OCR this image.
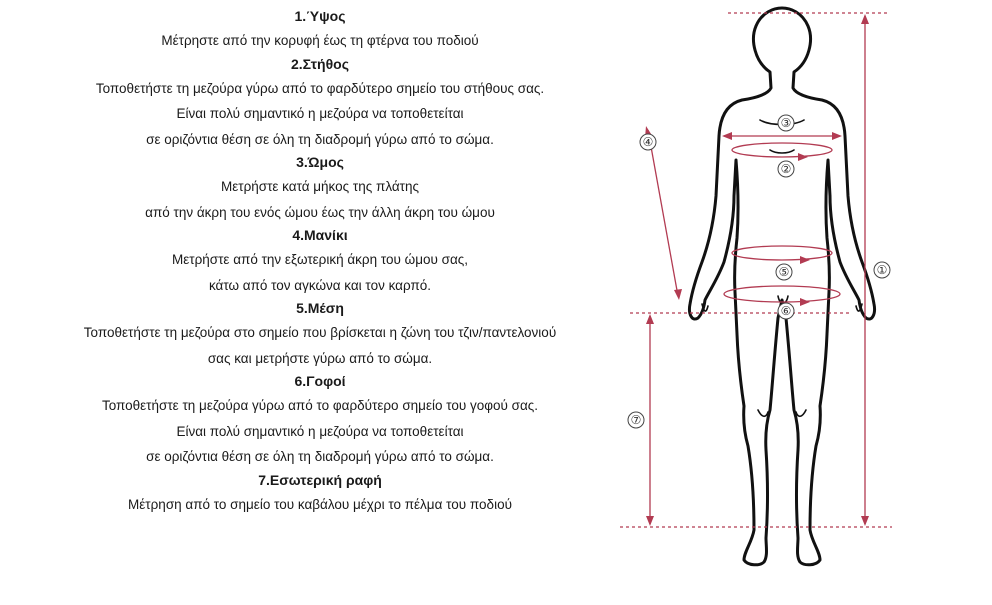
1.Ύψος
Μέτρηστε από την κορυφή έως τη φτέρνα του ποδιού
2.Στήθος
Τοποθετήστε τη μεζούρα γύρω από το φαρδύτερο σημείο του στήθους σας.
Είναι πολύ σημαντικό η μεζούρα να τοποθετείται
σε οριζόντια θέση σε όλη τη διαδρομή γύρω από το σώμα.
3.Ώμος
Μετρήστε κατά μήκος της πλάτης
από την άκρη του ενός ώμου έως την άλλη άκρη του ώμου
4.Μανίκι
Μετρήστε από την εξωτερική άκρη του ώμου σας,
κάτω από τον αγκώνα και τον καρπό.
5.Μέση
Τοποθετήστε τη μεζούρα στο σημείο που βρίσκεται η ζώνη του τζιν/παντελονιού
σας και μετρήστε γύρω από το σώμα.
6.Γοφοί
Τοποθετήστε τη μεζούρα γύρω από το φαρδύτερο σημείο του γοφού σας.
Είναι πολύ σημαντικό η μεζούρα να τοποθετείται
σε οριζόντια θέση σε όλη τη διαδρομή γύρω από το σώμα.
7.Εσωτερική ραφή
Μέτρηση από το σημείο του καβάλου μέχρι το πέλμα του ποδιού
①
②
③
④
⑤
⑥
⑦
